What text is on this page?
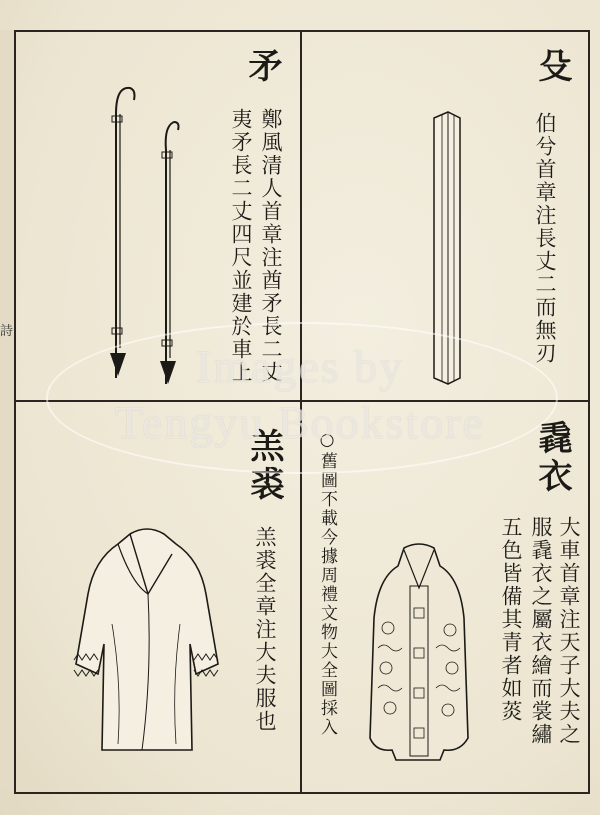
詩
殳
伯兮首章注長丈二而無刃
矛
鄭風清人首章注酋矛長二丈
夷矛長二丈四尺並建於車上
毳衣
大車首章注天子大夫之
服毳衣之屬衣繪而裳繡
五色皆備其青者如菼
○舊圖不載今據周禮文物大全圖採入
羔裘
羔裘全章注大夫服也
Images by
Tengyu Bookstore
